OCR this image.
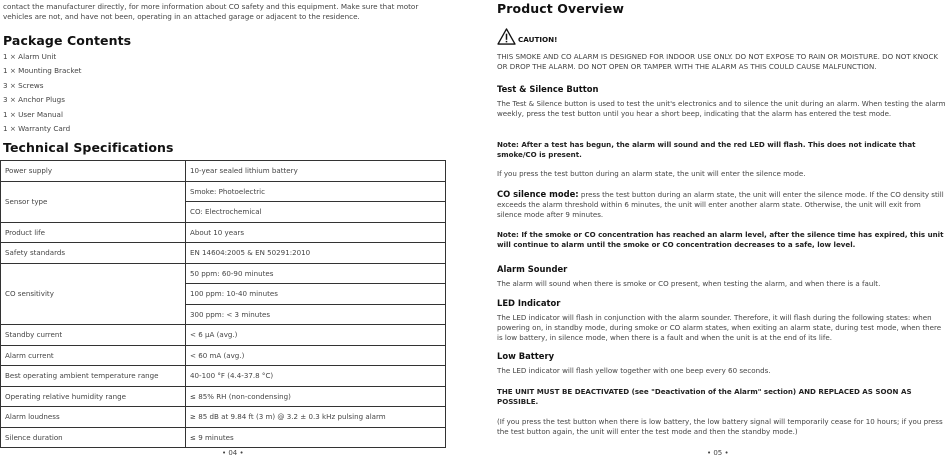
contact the manufacturer directly, for more information about CO safety and this equipment. Make sure that motor vehicles are not, and have not been, operating in an attached garage or adjacent to the residence.

Package Contents
1 × Alarm Unit
1 × Mounting Bracket
3 × Screws
3 × Anchor Plugs
1 × User Manual
1 × Warranty Card
Technical Specifications
Power supply	10-year sealed lithium battery
Sensor type	Smoke: Photoelectric
	CO: Electrochemical
Product life	About 10 years
Safety standards	EN 14604:2005 & EN 50291:2010
CO sensitivity	50 ppm: 60-90 minutes
	100 ppm: 10-40 minutes
	300 ppm: < 3 minutes
Standby current	< 6 μA (avg.)
Alarm current	< 60 mA (avg.)
Best operating ambient temperature range	40-100 °F (4.4-37.8 °C)
Operating relative humidity range	≤ 85% RH (non-condensing)
Alarm loudness	≥ 85 dB at 9.84 ft (3 m) @ 3.2 ± 0.3 kHz pulsing alarm
Silence duration	≤ 9 minutes
• 04 •
Product Overview
CAUTION!

THIS SMOKE AND CO ALARM IS DESIGNED FOR INDOOR USE ONLY. DO NOT EXPOSE TO RAIN OR MOISTURE. DO NOT KNOCK OR DROP THE ALARM. DO NOT OPEN OR TAMPER WITH THE ALARM AS THIS COULD CAUSE MALFUNCTION.

Test & Silence Button

The Test & Silence button is used to test the unit's electronics and to silence the unit during an alarm. When testing the alarm weekly, press the test button until you hear a short beep, indicating that the alarm has entered the test mode.

Note: After a test has begun, the alarm will sound and the red LED will flash. This does not indicate that smoke/CO is present.

If you press the test button during an alarm state, the unit will enter the silence mode.

CO silence mode: press the test button during an alarm state, the unit will enter the silence mode. If the CO density still exceeds the alarm threshold within 6 minutes, the unit will enter another alarm state. Otherwise, the unit will exit from silence mode after 9 minutes.

Note: If the smoke or CO concentration has reached an alarm level, after the silence time has expired, this unit will continue to alarm until the smoke or CO concentration decreases to a safe, low level.

Alarm Sounder

The alarm will sound when there is smoke or CO present, when testing the alarm, and when there is a fault.

LED Indicator

The LED indicator will flash in conjunction with the alarm sounder. Therefore, it will flash during the following states: when powering on, in standby mode, during smoke or CO alarm states, when exiting an alarm state, during test mode, when there is low battery, in silence mode, when there is a fault and when the unit is at the end of its life.

Low Battery

The LED indicator will flash yellow together with one beep every 60 seconds.

THE UNIT MUST BE DEACTIVATED (see "Deactivation of the Alarm" section) AND REPLACED AS SOON AS POSSIBLE.

(If you press the test button when there is low battery, the low battery signal will temporarily cease for 10 hours; if you press the test button again, the unit will enter the test mode and then the standby mode.)

• 05 •
